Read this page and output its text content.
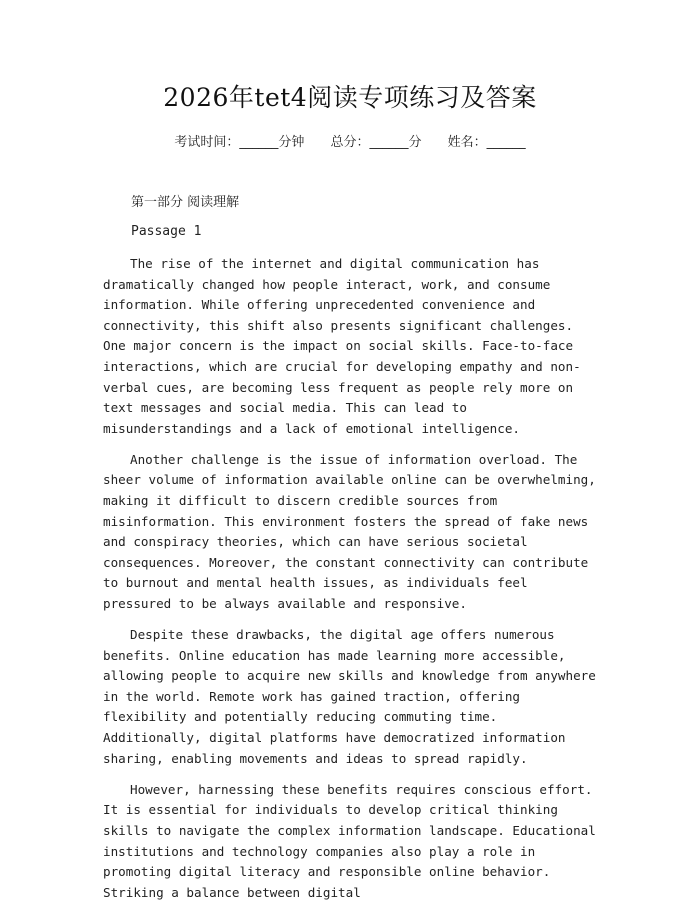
2026年tet4阅读专项练习及答案
考试时间：______分钟 总分：______分 姓名：______
第一部分 阅读理解
Passage 1

The rise of the internet and digital communication has dramatically changed how people interact, work, and consume information. While offering unprecedented convenience and connectivity, this shift also presents significant challenges. One major concern is the impact on social skills. Face-to-face interactions, which are crucial for developing empathy and non-verbal cues, are becoming less frequent as people rely more on text messages and social media. This can lead to misunderstandings and a lack of emotional intelligence.

Another challenge is the issue of information overload. The sheer volume of information available online can be overwhelming, making it difficult to discern credible sources from misinformation. This environment fosters the spread of fake news and conspiracy theories, which can have serious societal consequences. Moreover, the constant connectivity can contribute to burnout and mental health issues, as individuals feel pressured to be always available and responsive.

Despite these drawbacks, the digital age offers numerous benefits. Online education has made learning more accessible, allowing people to acquire new skills and knowledge from anywhere in the world. Remote work has gained traction, offering flexibility and potentially reducing commuting time. Additionally, digital platforms have democratized information sharing, enabling movements and ideas to spread rapidly.

However, harnessing these benefits requires conscious effort. It is essential for individuals to develop critical thinking skills to navigate the complex information landscape. Educational institutions and technology companies also play a role in promoting digital literacy and responsible online behavior. Striking a balance between digital
